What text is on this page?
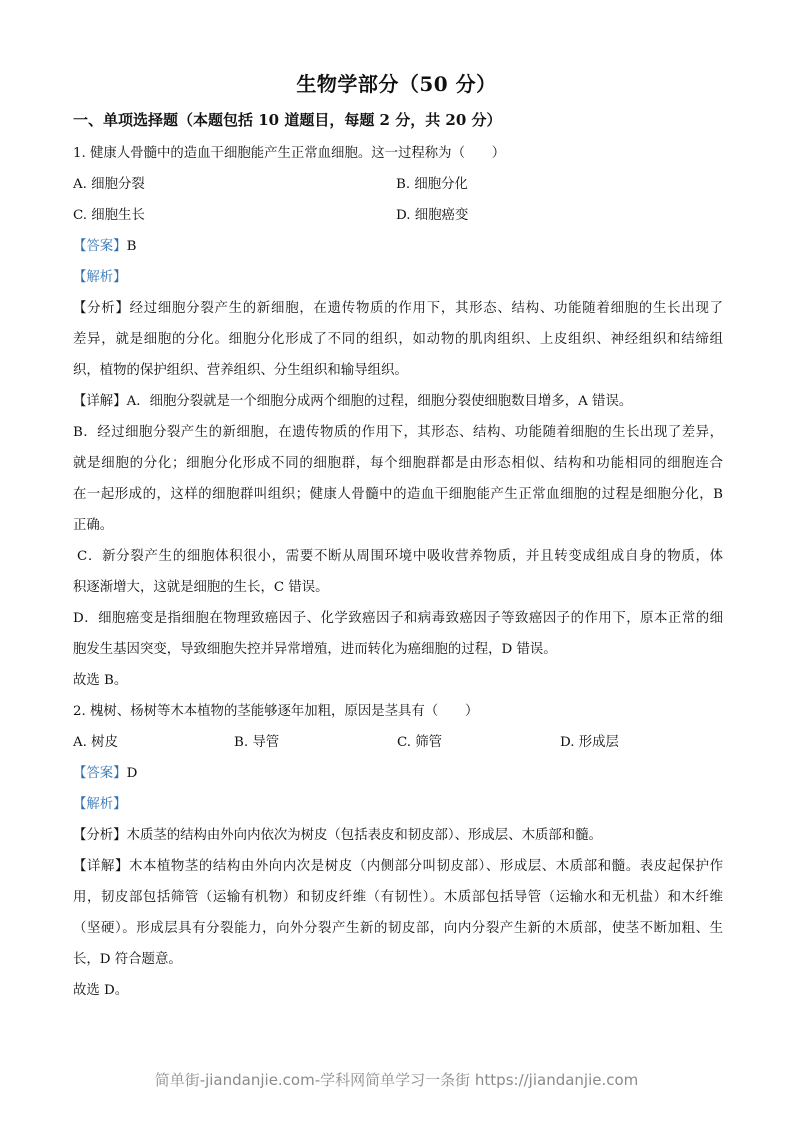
生物学部分（50 分）
一、单项选择题（本题包括 10 道题目，每题 2 分，共 20 分）
1. 健康人骨髓中的造血干细胞能产生正常血细胞。这一过程称为（　　）
A. 细胞分裂	B. 细胞分化
C. 细胞生长	D. 细胞癌变
【答案】B
【解析】
【分析】经过细胞分裂产生的新细胞，在遗传物质的作用下，其形态、结构、功能随着细胞的生长出现了
差异，就是细胞的分化。细胞分化形成了不同的组织，如动物的肌肉组织、上皮组织、神经组织和结缔组
织，植物的保护组织、营养组织、分生组织和输导组织。
【详解】A．细胞分裂就是一个细胞分成两个细胞的过程，细胞分裂使细胞数目增多，A 错误。
B．经过细胞分裂产生的新细胞，在遗传物质的作用下，其形态、结构、功能随着细胞的生长出现了差异，
就是细胞的分化；细胞分化形成不同的细胞群，每个细胞群都是由形态相似、结构和功能相同的细胞连合
在一起形成的，这样的细胞群叫组织；健康人骨髓中的造血干细胞能产生正常血细胞的过程是细胞分化，B
正确。
C．新分裂产生的细胞体积很小，需要不断从周围环境中吸收营养物质，并且转变成组成自身的物质，体
积逐渐增大，这就是细胞的生长，C 错误。
D．细胞癌变是指细胞在物理致癌因子、化学致癌因子和病毒致癌因子等致癌因子的作用下，原本正常的细
胞发生基因突变，导致细胞失控并异常增殖，进而转化为癌细胞的过程，D 错误。
故选 B。
2. 槐树、杨树等木本植物的茎能够逐年加粗，原因是茎具有（　　）
A. 树皮	B. 导管	C. 筛管	D. 形成层
【答案】D
【解析】
【分析】木质茎的结构由外向内依次为树皮（包括表皮和韧皮部）、形成层、木质部和髓。
【详解】木本植物茎的结构由外向内次是树皮（内侧部分叫韧皮部）、形成层、木质部和髓。表皮起保护作
用，韧皮部包括筛管（运输有机物）和韧皮纤维（有韧性）。木质部包括导管（运输水和无机盐）和木纤维
（坚硬）。形成层具有分裂能力，向外分裂产生新的韧皮部，向内分裂产生新的木质部，使茎不断加粗、生
长，D 符合题意。
故选 D。
简单街-jiandanjie.com-学科网简单学习一条街 https://jiandanjie.com
